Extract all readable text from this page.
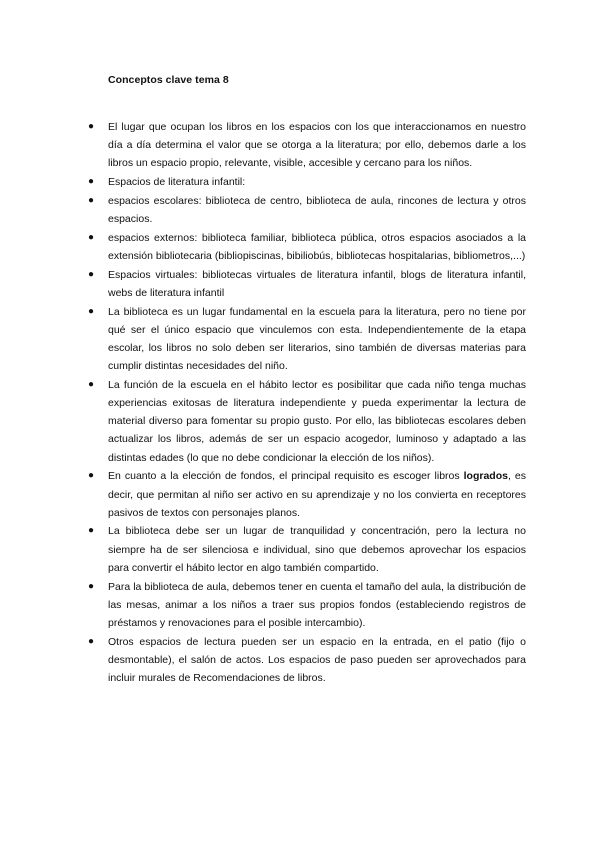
Conceptos clave tema 8
● El lugar que ocupan los libros en los espacios con los que interaccionamos en nuestro día a día determina el valor que se otorga a la literatura; por ello, debemos darle a los libros un espacio propio, relevante, visible, accesible y cercano para los niños.
● Espacios de literatura infantil:
● espacios escolares: biblioteca de centro, biblioteca de aula, rincones de lectura y otros espacios.
● espacios externos: biblioteca familiar, biblioteca pública, otros espacios asociados a la extensión bibliotecaria (bibliopiscinas, bibiliobús, bibliotecas hospitalarias, bibliometros,...)
● Espacios virtuales: bibliotecas virtuales de literatura infantil, blogs de literatura infantil, webs de literatura infantil
● La biblioteca es un lugar fundamental en la escuela para la literatura, pero no tiene por qué ser el único espacio que vinculemos con esta. Independientemente de la etapa escolar, los libros no solo deben ser literarios, sino también de diversas materias para cumplir distintas necesidades del niño.
● La función de la escuela en el hábito lector es posibilitar que cada niño tenga muchas experiencias exitosas de literatura independiente y pueda experimentar la lectura de material diverso para fomentar su propio gusto. Por ello, las bibliotecas escolares deben actualizar los libros, además de ser un espacio acogedor, luminoso y adaptado a las distintas edades (lo que no debe condicionar la elección de los niños).
● En cuanto a la elección de fondos, el principal requisito es escoger libros logrados, es decir, que permitan al niño ser activo en su aprendizaje y no los convierta en receptores pasivos de textos con personajes planos.
● La biblioteca debe ser un lugar de tranquilidad y concentración, pero la lectura no siempre ha de ser silenciosa e individual, sino que debemos aprovechar los espacios para convertir el hábito lector en algo también compartido.
● Para la biblioteca de aula, debemos tener en cuenta el tamaño del aula, la distribución de las mesas, animar a los niños a traer sus propios fondos (estableciendo registros de préstamos y renovaciones para el posible intercambio).
● Otros espacios de lectura pueden ser un espacio en la entrada, en el patio (fijo o desmontable), el salón de actos. Los espacios de paso pueden ser aprovechados para incluir murales de Recomendaciones de libros.
